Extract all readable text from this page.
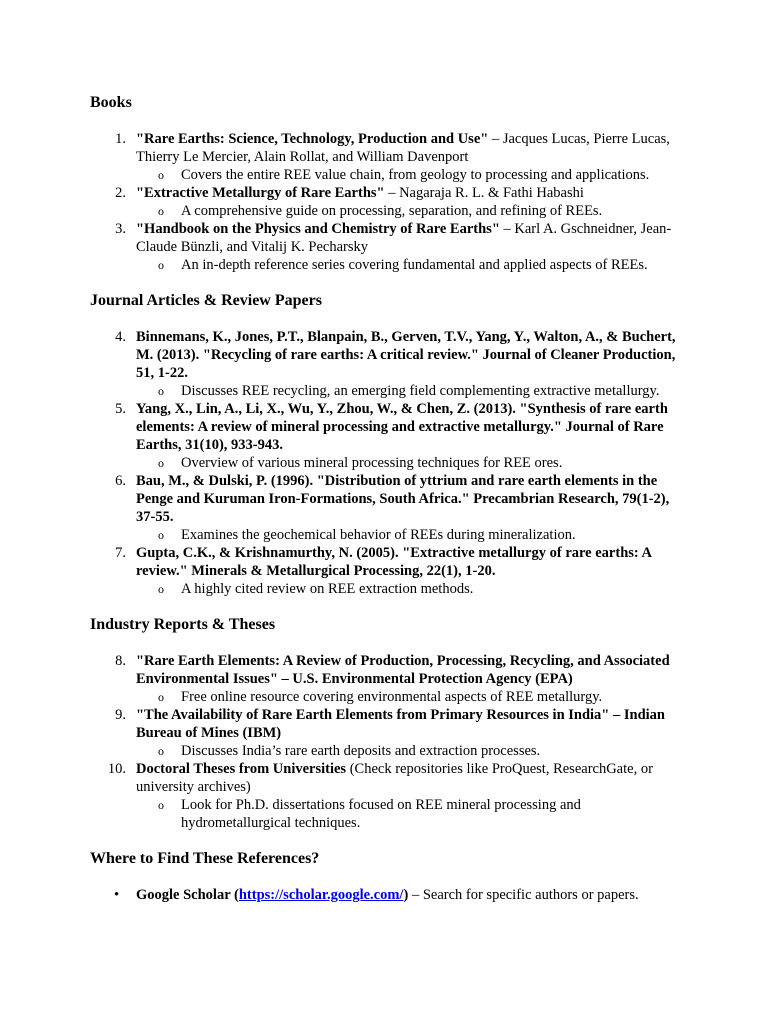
Books
1. "Rare Earths: Science, Technology, Production and Use" – Jacques Lucas, Pierre Lucas, Thierry Le Mercier, Alain Rollat, and William Davenport
o	Covers the entire REE value chain, from geology to processing and applications.
2. "Extractive Metallurgy of Rare Earths" – Nagaraja R. L. & Fathi Habashi
o	A comprehensive guide on processing, separation, and refining of REEs.
3. "Handbook on the Physics and Chemistry of Rare Earths" – Karl A. Gschneidner, Jean-Claude Bünzli, and Vitalij K. Pecharsky
o	An in-depth reference series covering fundamental and applied aspects of REEs.
Journal Articles & Review Papers
4. Binnemans, K., Jones, P.T., Blanpain, B., Gerven, T.V., Yang, Y., Walton, A., & Buchert, M. (2013). "Recycling of rare earths: A critical review." Journal of Cleaner Production, 51, 1-22.
o	Discusses REE recycling, an emerging field complementing extractive metallurgy.
5. Yang, X., Lin, A., Li, X., Wu, Y., Zhou, W., & Chen, Z. (2013). "Synthesis of rare earth elements: A review of mineral processing and extractive metallurgy." Journal of Rare Earths, 31(10), 933-943.
o	Overview of various mineral processing techniques for REE ores.
6. Bau, M., & Dulski, P. (1996). "Distribution of yttrium and rare earth elements in the Penge and Kuruman Iron-Formations, South Africa." Precambrian Research, 79(1-2), 37-55.
o	Examines the geochemical behavior of REEs during mineralization.
7. Gupta, C.K., & Krishnamurthy, N. (2005). "Extractive metallurgy of rare earths: A review." Minerals & Metallurgical Processing, 22(1), 1-20.
o	A highly cited review on REE extraction methods.
Industry Reports & Theses
8. "Rare Earth Elements: A Review of Production, Processing, Recycling, and Associated Environmental Issues" – U.S. Environmental Protection Agency (EPA)
o	Free online resource covering environmental aspects of REE metallurgy.
9. "The Availability of Rare Earth Elements from Primary Resources in India" – Indian Bureau of Mines (IBM)
o	Discusses India’s rare earth deposits and extraction processes.
10. Doctoral Theses from Universities (Check repositories like ProQuest, ResearchGate, or university archives)
o	Look for Ph.D. dissertations focused on REE mineral processing and hydrometallurgical techniques.
Where to Find These References?
•	Google Scholar (https://scholar.google.com/) – Search for specific authors or papers.
